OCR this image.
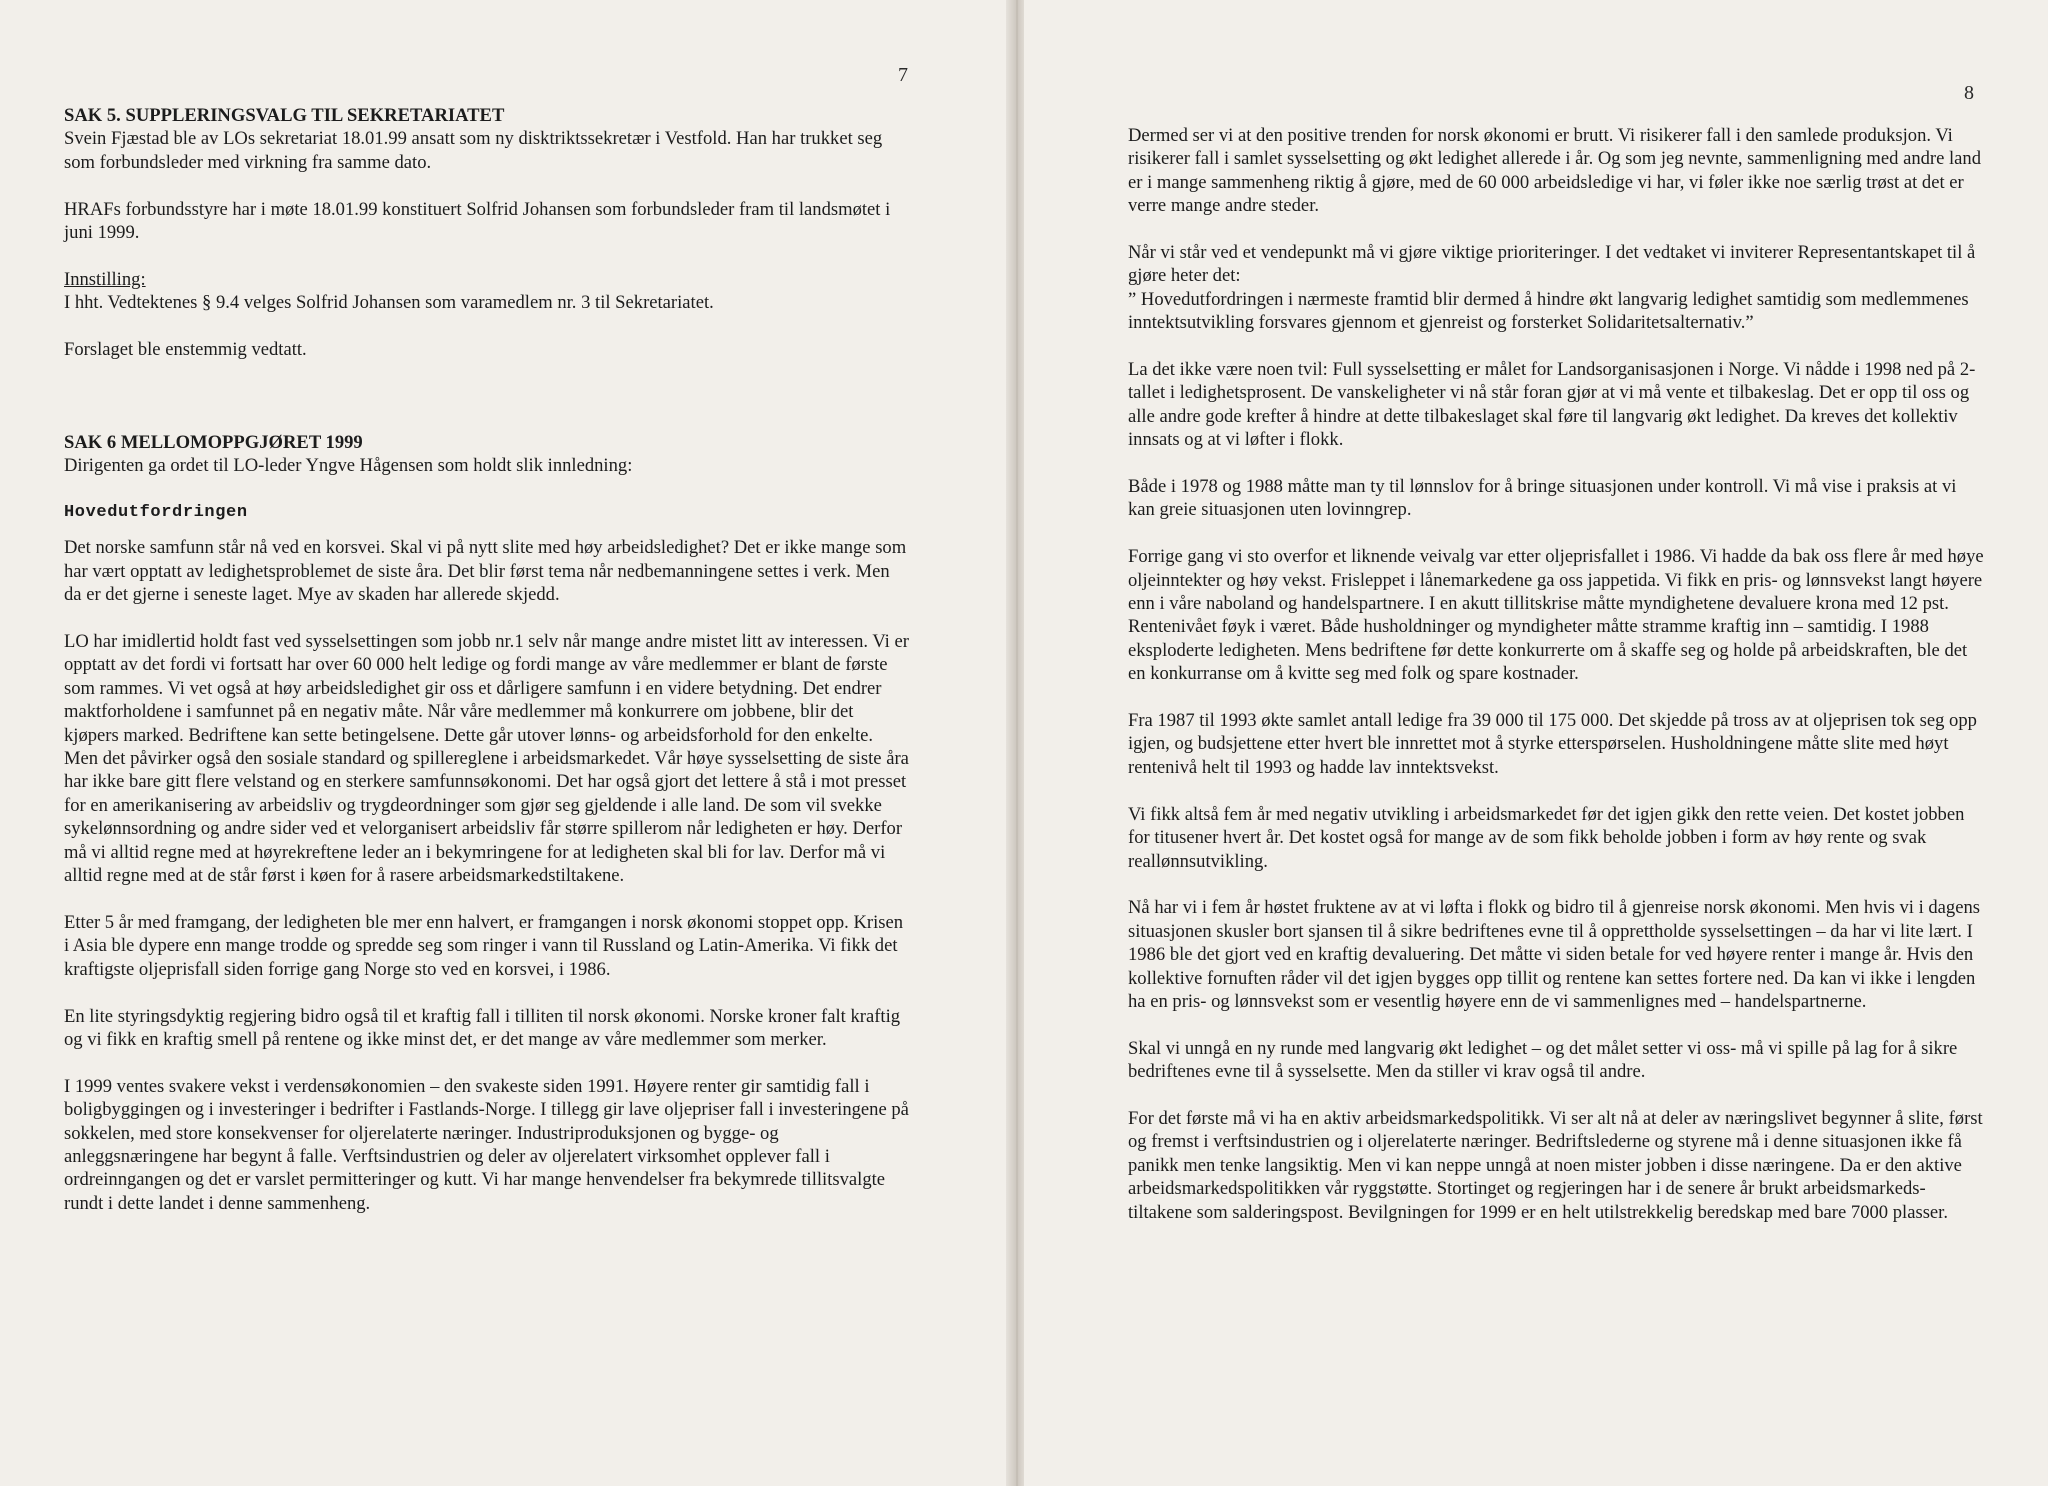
7
SAK 5. SUPPLERINGSVALG TIL SEKRETARIATET

Svein Fjæstad ble av LOs sekretariat 18.01.99 ansatt som ny disktriktssekretær i Vestfold. Han har trukket seg som forbundsleder med virkning fra samme dato.

HRAFs forbundsstyre har i møte 18.01.99 konstituert Solfrid Johansen som forbundsleder fram til landsmøtet i juni 1999.

Innstilling:

I hht. Vedtektenes § 9.4 velges Solfrid Johansen som varamedlem nr. 3 til Sekretariatet.

Forslaget ble enstemmig vedtatt.

SAK 6 MELLOMOPPGJØRET 1999

Dirigenten ga ordet til LO-leder Yngve Hågensen som holdt slik innledning:

Hovedutfordringen

Det norske samfunn står nå ved en korsvei. Skal vi på nytt slite med høy arbeidsledighet? Det er ikke mange som har vært opptatt av ledighetsproblemet de siste åra. Det blir først tema når nedbemanningene settes i verk. Men da er det gjerne i seneste laget. Mye av skaden har allerede skjedd.

LO har imidlertid holdt fast ved sysselsettingen som jobb nr.1 selv når mange andre mistet litt av interessen. Vi er opptatt av det fordi vi fortsatt har over 60 000 helt ledige og fordi mange av våre medlemmer er blant de første som rammes. Vi vet også at høy arbeidsledighet gir oss et dårligere samfunn i en videre betydning. Det endrer maktforholdene i samfunnet på en negativ måte. Når våre medlemmer må konkurrere om jobbene, blir det kjøpers marked. Bedriftene kan sette betingelsene. Dette går utover lønns- og arbeidsforhold for den enkelte. Men det påvirker også den sosiale standard og spillereglene i arbeidsmarkedet. Vår høye sysselsetting de siste åra har ikke bare gitt flere velstand og en sterkere samfunnsøkonomi. Det har også gjort det lettere å stå i mot presset for en amerikanisering av arbeidsliv og trygdeordninger som gjør seg gjeldende i alle land. De som vil svekke sykelønnsordning og andre sider ved et velorganisert arbeidsliv får større spillerom når ledigheten er høy. Derfor må vi alltid regne med at høyrekreftene leder an i bekymringene for at ledigheten skal bli for lav. Derfor må vi alltid regne med at de står først i køen for å rasere arbeidsmarkedstiltakene.

Etter 5 år med framgang, der ledigheten ble mer enn halvert, er framgangen i norsk økonomi stoppet opp. Krisen i Asia ble dypere enn mange trodde og spredde seg som ringer i vann til Russland og Latin-Amerika. Vi fikk det kraftigste oljeprisfall siden forrige gang Norge sto ved en korsvei, i 1986.

En lite styringsdyktig regjering bidro også til et kraftig fall i tilliten til norsk økonomi. Norske kroner falt kraftig og vi fikk en kraftig smell på rentene og ikke minst det, er det mange av våre medlemmer som merker.

I 1999 ventes svakere vekst i verdensøkonomien – den svakeste siden 1991. Høyere renter gir samtidig fall i boligbyggingen og i investeringer i bedrifter i Fastlands-Norge. I tillegg gir lave oljepriser fall i investeringene på sokkelen, med store konsekvenser for oljerelaterte næringer. Industriproduksjonen og bygge- og anleggsnæringene har begynt å falle. Verftsindustrien og deler av oljerelatert virksomhet opplever fall i ordreinngangen og det er varslet permitteringer og kutt. Vi har mange henvendelser fra bekymrede tillitsvalgte rundt i dette landet i denne sammenheng.

8

Dermed ser vi at den positive trenden for norsk økonomi er brutt. Vi risikerer fall i den samlede produksjon. Vi risikerer fall i samlet sysselsetting og økt ledighet allerede i år. Og som jeg nevnte, sammenligning med andre land er i mange sammenheng riktig å gjøre, med de 60 000 arbeidsledige vi har, vi føler ikke noe særlig trøst at det er verre mange andre steder.

Når vi står ved et vendepunkt må vi gjøre viktige prioriteringer. I det vedtaket vi inviterer Representantskapet til å gjøre heter det:

” Hovedutfordringen i nærmeste framtid blir dermed å hindre økt langvarig ledighet samtidig som medlemmenes inntektsutvikling forsvares gjennom et gjenreist og forsterket Solidaritetsalternativ.”

La det ikke være noen tvil: Full sysselsetting er målet for Landsorganisasjonen i Norge. Vi nådde i 1998 ned på 2-tallet i ledighetsprosent. De vanskeligheter vi nå står foran gjør at vi må vente et tilbakeslag. Det er opp til oss og alle andre gode krefter å hindre at dette tilbakeslaget skal føre til langvarig økt ledighet. Da kreves det kollektiv innsats og at vi løfter i flokk.

Både i 1978 og 1988 måtte man ty til lønnslov for å bringe situasjonen under kontroll. Vi må vise i praksis at vi kan greie situasjonen uten lovinngrep.

Forrige gang vi sto overfor et liknende veivalg var etter oljeprisfallet i 1986. Vi hadde da bak oss flere år med høye oljeinntekter og høy vekst. Frisleppet i lånemarkedene ga oss jappetida. Vi fikk en pris- og lønnsvekst langt høyere enn i våre naboland og handelspartnere. I en akutt tillitskrise måtte myndighetene devaluere krona med 12 pst. Rentenivået føyk i været. Både husholdninger og myndigheter måtte stramme kraftig inn – samtidig. I 1988 eksploderte ledigheten. Mens bedriftene før dette konkurrerte om å skaffe seg og holde på arbeidskraften, ble det en konkurranse om å kvitte seg med folk og spare kostnader.

Fra 1987 til 1993 økte samlet antall ledige fra 39 000 til 175 000. Det skjedde på tross av at oljeprisen tok seg opp igjen, og budsjettene etter hvert ble innrettet mot å styrke etterspørselen. Husholdningene måtte slite med høyt rentenivå helt til 1993 og hadde lav inntektsvekst.

Vi fikk altså fem år med negativ utvikling i arbeidsmarkedet før det igjen gikk den rette veien. Det kostet jobben for titusener hvert år. Det kostet også for mange av de som fikk beholde jobben i form av høy rente og svak reallønnsutvikling.

Nå har vi i fem år høstet fruktene av at vi løfta i flokk og bidro til å gjenreise norsk økonomi. Men hvis vi i dagens situasjonen skusler bort sjansen til å sikre bedriftenes evne til å opprettholde sysselsettingen – da har vi lite lært. I 1986 ble det gjort ved en kraftig devaluering. Det måtte vi siden betale for ved høyere renter i mange år. Hvis den kollektive fornuften råder vil det igjen bygges opp tillit og rentene kan settes fortere ned. Da kan vi ikke i lengden ha en pris- og lønnsvekst som er vesentlig høyere enn de vi sammenlignes med – handelspartnerne.

Skal vi unngå en ny runde med langvarig økt ledighet – og det målet setter vi oss- må vi spille på lag for å sikre bedriftenes evne til å sysselsette. Men da stiller vi krav også til andre.

For det første må vi ha en aktiv arbeidsmarkedspolitikk. Vi ser alt nå at deler av næringslivet begynner å slite, først og fremst i verftsindustrien og i oljerelaterte næringer. Bedriftslederne og styrene må i denne situasjonen ikke få panikk men tenke langsiktig. Men vi kan neppe unngå at noen mister jobben i disse næringene. Da er den aktive arbeidsmarkedspolitikken vår ryggstøtte. Stortinget og regjeringen har i de senere år brukt arbeidsmarkeds-tiltakene som salderingspost. Bevilgningen for 1999 er en helt utilstrekkelig beredskap med bare 7000 plasser.
